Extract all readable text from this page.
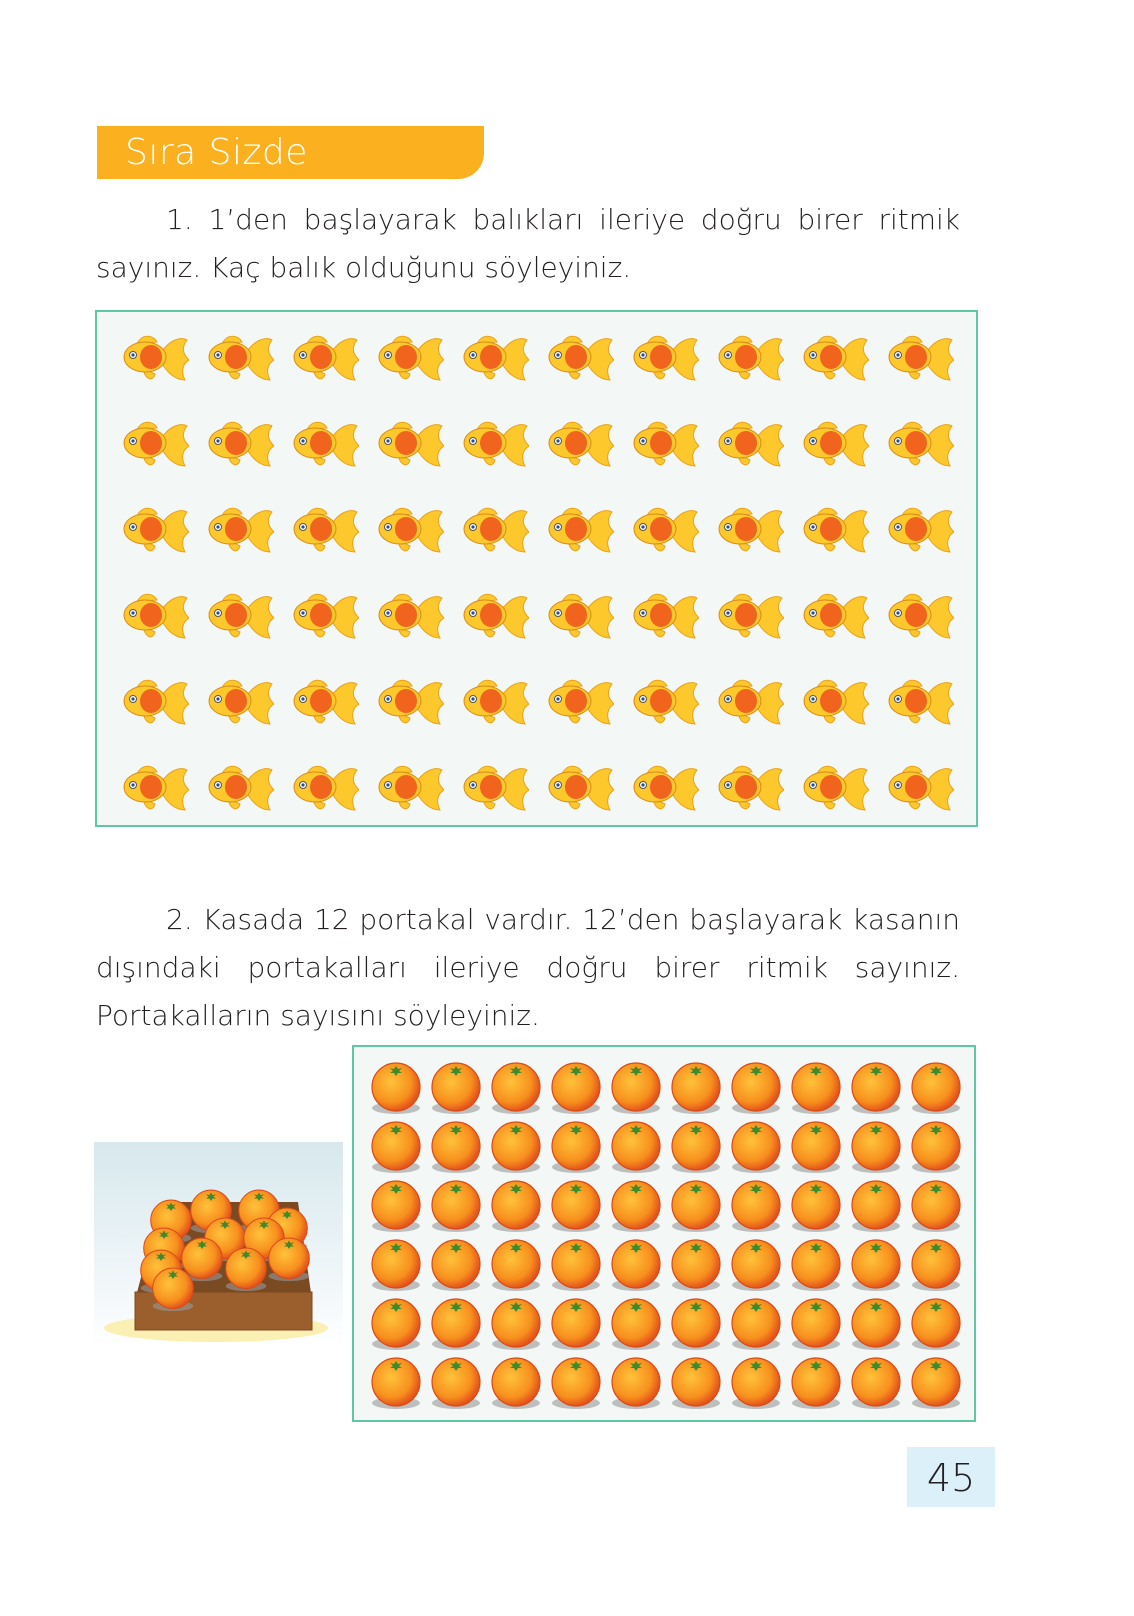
Sıra Sizde
1. 1’den başlayarak balıkları ileriye doğru birer ritmik sayınız. Kaç balık olduğunu söyleyiniz.
2. Kasada 12 portakal vardır. 12’den başlayarak kasanın dışındaki portakalları ileriye doğru birer ritmik sayınız. Portakalların sayısını söyleyiniz.
45
